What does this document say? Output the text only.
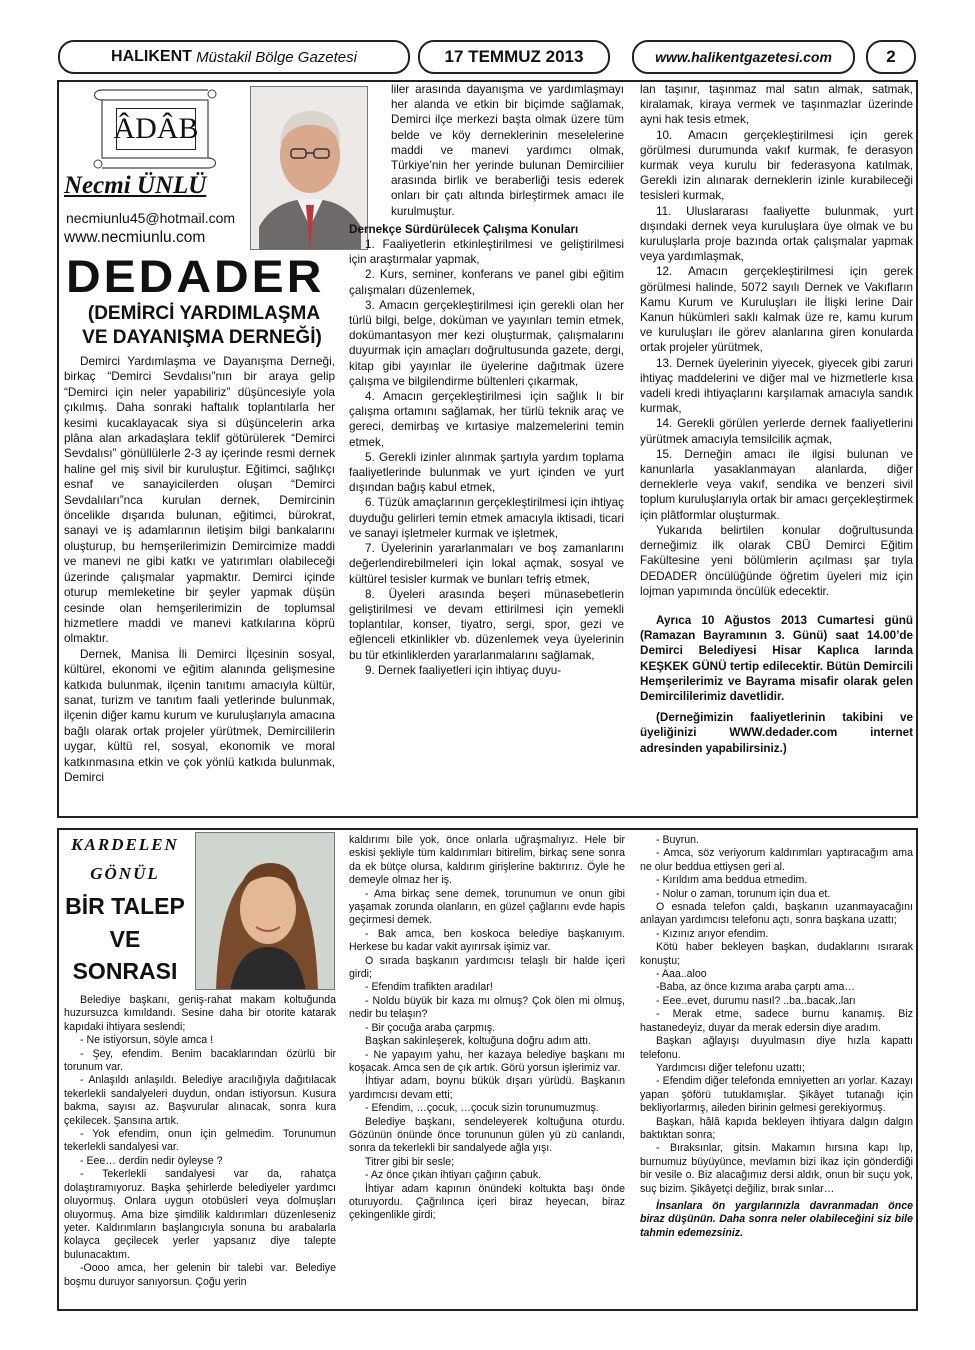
HALIKENT
Müstakil Bölge Gazetesi	17 TEMMUZ 2013	www.halikentgazetesi.com	2
ÂDÂB
Necmi ÜNLÜ
necmiunlu45@hotmail.com
www.necmiunlu.com
DEDADER
(DEMİRCİ YARDIMLAŞMA
VE DAYANIŞMA DERNEĞİ)

Demirci Yardımlaşma ve Dayanışma Derneği, birkaç “Demirci Sevdalısı”nın bir araya gelip “Demirci için neler yapabiliriz” düşüncesiyle yola çıkılmış. Daha sonraki haftalık toplantılarla her kesimi kucaklayacak siya si düşüncelerin arka plâna alan arkadaşlara teklif götürülerek “Demirci Sevdalısı” gönüllülerle 2-3 ay içerinde resmi dernek haline gel miş sivil bir kuruluştur. Eğitimci, sağlıkçı esnaf ve sanayicilerden oluşan “Demirci Sevdalıları”nca kurulan dernek, Demircinin öncelikle dışarıda bulunan, eğitimci, bürokrat, sanayi ve iş adamlarının iletişim bilgi bankalarını oluşturup, bu hemşerilerimizin Demircimize maddi ve manevi ne gibi katkı ve yatırımları olabileceği üzerinde çalışmalar yapmaktır. Demirci içinde oturup memleketine bir şeyler yapmak düşün cesinde olan hemşerilerimizin de toplumsal hizmetlere maddi ve manevi katkılarına köprü olmaktır.

Dernek, Manisa İli Demirci İlçesinin sosyal, kültürel, ekonomi ve eğitim alanında gelişmesine katkıda bulunmak, ilçenin tanıtımı amacıyla kültür, sanat, turizm ve tanıtım faali yetlerinde bulunmak, ilçenin diğer kamu kurum ve kuruluşlarıyla amacına bağlı olarak ortak projeler yürütmek, Demircililerin uygar, kültü rel, sosyal, ekonomik ve moral katkınmasına etkin ve çok yönlü katkıda bulunmak, Demirci

liler arasında dayanışma ve yardımlaşmayı her alanda ve etkin bir biçimde sağlamak, Demirci ilçe merkezi başta olmak üzere tüm belde ve köy derneklerinin meselelerine maddi ve manevi yardımcı olmak, Türkiye’nin her yerinde bulunan Demirciliier arasında birlik ve beraberliği tesis ederek onları bir çatı altında birleştirmek amacı ile kurulmuştur.

Dernekçe Sürdürülecek Çalışma Konuları

1. Faaliyetlerin etkinleştirilmesi ve geliştirilmesi için araştırmalar yapmak,

2. Kurs, seminer, konferans ve panel gibi eğitim çalışmaları düzenlemek,

3. Amacın gerçekleştirilmesi için gerekli olan her türlü bilgi, belge, doküman ve yayınları temin etmek, dokümantasyon mer kezi oluşturmak, çalışmalarını duyurmak için amaçları doğrultusunda gazete, dergi, kitap gibi yayınlar ile üyelerine dağıtmak üzere çalışma ve bilgilendirme bültenleri çıkarmak,

4. Amacın gerçekleştirilmesi için sağlık lı bir çalışma ortamını sağlamak, her türlü teknik araç ve gereci, demirbaş ve kırtasiye malzemelerini temin etmek,

5. Gerekli izinler alınmak şartıyla yardım toplama faaliyetlerinde bulunmak ve yurt içinden ve yurt dışından bağış kabul etmek,

6. Tüzük amaçlarının gerçekleştirilmesi için ihtiyaç duyduğu gelirleri temin etmek amacıyla iktisadi, ticari ve sanayi işletmeler kurmak ve işletmek,

7. Üyelerinin yararlanmaları ve boş zamanlarını değerlendirebilmeleri için lokal açmak, sosyal ve kültürel tesisler kurmak ve bunları tefriş etmek,

8. Üyeleri arasında beşeri münasebetlerin geliştirilmesi ve devam ettirilmesi için yemekli toplantılar, konser, tiyatro, sergi, spor, gezi ve eğlenceli etkinlikler vb. düzenlemek veya üyelerinin bu tür etkinliklerden yararlanmalarını sağlamak,

9. Dernek faaliyetleri için ihtiyaç duyu-

lan taşınır, taşınmaz mal satın almak, satmak, kiralamak, kiraya vermek ve taşınmazlar üzerinde ayni hak tesis etmek,

10. Amacın gerçekleştirilmesi için gerek görülmesi durumunda vakıf kurmak, fe derasyon kurmak veya kurulu bir federasyona katılmak, Gerekli izin alınarak derneklerin izinle kurabileceği tesisleri kurmak,

11. Uluslararası faaliyette bulunmak, yurt dışındaki dernek veya kuruluşlara üye olmak ve bu kuruluşlarla proje bazında ortak çalışmalar yapmak veya yardımlaşmak,

12. Amacın gerçekleştirilmesi için gerek görülmesi halinde, 5072 sayılı Dernek ve Vakıfların Kamu Kurum ve Kuruluşları ile İlişki lerine Dair Kanun hükümleri saklı kalmak üze re, kamu kurum ve kuruluşları ile görev alanlarına giren konularda ortak projeler yürütmek,

13. Dernek üyelerinin yiyecek, giyecek gibi zaruri ihtiyaç maddelerini ve diğer mal ve hizmetlerle kısa vadeli kredi ihtiyaçlarını karşılamak amacıyla sandık kurmak,

14. Gerekli görülen yerlerde dernek faaliyetlerini yürütmek amacıyla temsilcilik açmak,

15. Derneğin amacı ile ilgisi bulunan ve kanunlarla yasaklanmayan alanlarda, diğer derneklerle veya vakıf, sendika ve benzeri sivil toplum kuruluşlarıyla ortak bir amacı gerçekleştirmek için plâtformlar oluşturmak.

Yukarıda belirtilen konular doğrultusunda derneğimiz ilk olarak CBÜ Demirci Eğitim Fakültesine yeni bölümlerin açılması şar tıyla DEDADER öncülüğünde öğretim üyeleri miz için lojman yapımında öncülük edecektir.

Ayrıca 10 Ağustos 2013 Cumartesi günü (Ramazan Bayramının 3. Günü) saat 14.00’de Demirci Belediyesi Hisar Kaplıca larında KEŞKEK GÜNÜ tertip edilecektir. Bütün Demircili Hemşerilerimiz ve Bayrama misafir olarak gelen Demircililerimiz davetlidir.

(Derneğimizin faaliyetlerinin takibini ve üyeliğinizi WWW.dedader.com internet adresinden yapabilirsiniz.)

KARDELEN
GÖNÜL
BİR TALEP
VE
SONRASI

Belediye başkanı, geniş-rahat makam koltuğunda huzursuzca kımıldandı. Sesine daha bir otorite katarak kapıdaki ihtiyara seslendi;

- Ne istiyorsun, söyle amca !

- Şey, efendim. Benim bacaklarından özürlü bir torunum var.

- Anlaşıldı anlaşıldı. Belediye aracılığıyla dağıtılacak tekerlekli sandalyeleri duydun, ondan istiyorsun. Kusura bakma, sayısı az. Başvurular alınacak, sonra kura çekilecek. Şansına artık.

- Yok efendim, onun için gelmedim. Torunumun tekerlekli sandalyesi var.

- Eee… derdin nedir öyleyse ?

- Tekerlekli sandalyesi var da, rahatça dolaştıramıyoruz. Başka şehirlerde belediyeler yardımcı oluyormuş. Onlara uygun otobüsleri veya dolmuşları oluyormuş. Ama bize şimdilik kaldırımları düzenleseniz yeter. Kaldırımların başlangıcıyla sonuna bu arabalarla kolayca geçilecek yerler yapsanız diye talepte bulunacaktım.

-Oooo amca, her gelenin bir talebi var. Belediye boşmu duruyor sanıyorsun. Çoğu yerin

kaldırımı bile yok, önce onlarla uğraşmalıyız. Hele bir eskisi şekliyle tüm kaldırımları bitirelim, birkaç sene sonra da ek bütçe olursa, kaldırım girişlerine baktırırız. Öyle he demeyle olmaz her iş.

- Ama birkaç sene demek, torunumun ve onun gibi yaşamak zorunda olanların, en güzel çağlarını evde hapis geçirmesi demek.

- Bak amca, ben koskoca belediye başkanıyım. Herkese bu kadar vakit ayırırsak işimiz var.

O sırada başkanın yardımcısı telaşlı bir halde içeri girdi;

- Efendim trafikten aradılar!

- Noldu büyük bir kaza mı olmuş? Çok ölen mi olmuş, nedir bu telaşın?

- Bir çocuğa araba çarpmış.

Başkan sakinleşerek, koltuğuna doğru adım attı.

- Ne yapayım yahu, her kazaya belediye başkanı mı koşacak. Amca sen de çık artık. Görü yorsun işlerimiz var.

İhtiyar adam, boynu bükük dışarı yürüdü. Başkanın yardımcısı devam etti;

- Efendim, …çocuk, …çocuk sizin torunumuzmuş.

Belediye başkanı, sendeleyerek koltuğuna oturdu. Gözünün önünde önce torununun gülen yü zü canlandı, sonra da tekerlekli bir sandalyede ağla yışı.

Titrer gibi bir sesle;

- Az önce çıkan ihtiyarı çağırın çabuk.

İhtiyar adam kapının önündeki koltukta başı önde oturuyordu. Çağrılınca içeri biraz heyecan, biraz çekingenlikle girdi;

- Buyrun.

- Amca, söz veriyorum kaldırımları yaptıracağım ama ne olur beddua ettiysen geri al.

- Kırıldım ama beddua etmedim.

- Nolur o zaman, torunum için dua et.

O esnada telefon çaldı, başkanın uzanmayacağını anlayan yardımcısı telefonu açtı, sonra başkana uzattı;

- Kızınız arıyor efendim.

Kötü haber bekleyen başkan, dudaklarını ısırarak konuştu;

- Aaa..aloo

-Baba, az önce kızıma araba çarptı ama…

- Eee..evet, durumu nasıl? ..ba..bacak..ları

- Merak etme, sadece burnu kanamış. Biz hastanedeyiz, duyar da merak edersin diye aradım.

Başkan ağlayışı duyulmasın diye hızla kapattı telefonu.

Yardımcısı diğer telefonu uzattı;

- Efendim diğer telefonda emniyetten arı yorlar. Kazayı yapan şöförü tutuklamışlar. Şikâyet tutanağı için bekliyorlarmış, aileden birinin gelmesi gerekiyormuş.

Başkan, hâlâ kapıda bekleyen ihtiyara dalgın dalgın baktıktan sonra;

- Bıraksınlar, gitsin. Makamın hırsına kapı lıp, burnumuz büyüyünce, mevlamın bizi ikaz için gönderdiği bir vesile o. Biz alacağımız dersi aldık, onun bir suçu yok, suç bizim. Şikâyetçi değiliz, bırak sınlar…

İnsanlara ön yargılarınızla davranmadan önce biraz düşünün. Daha sonra neler olabileceğini siz bile tahmin edemezsiniz.
